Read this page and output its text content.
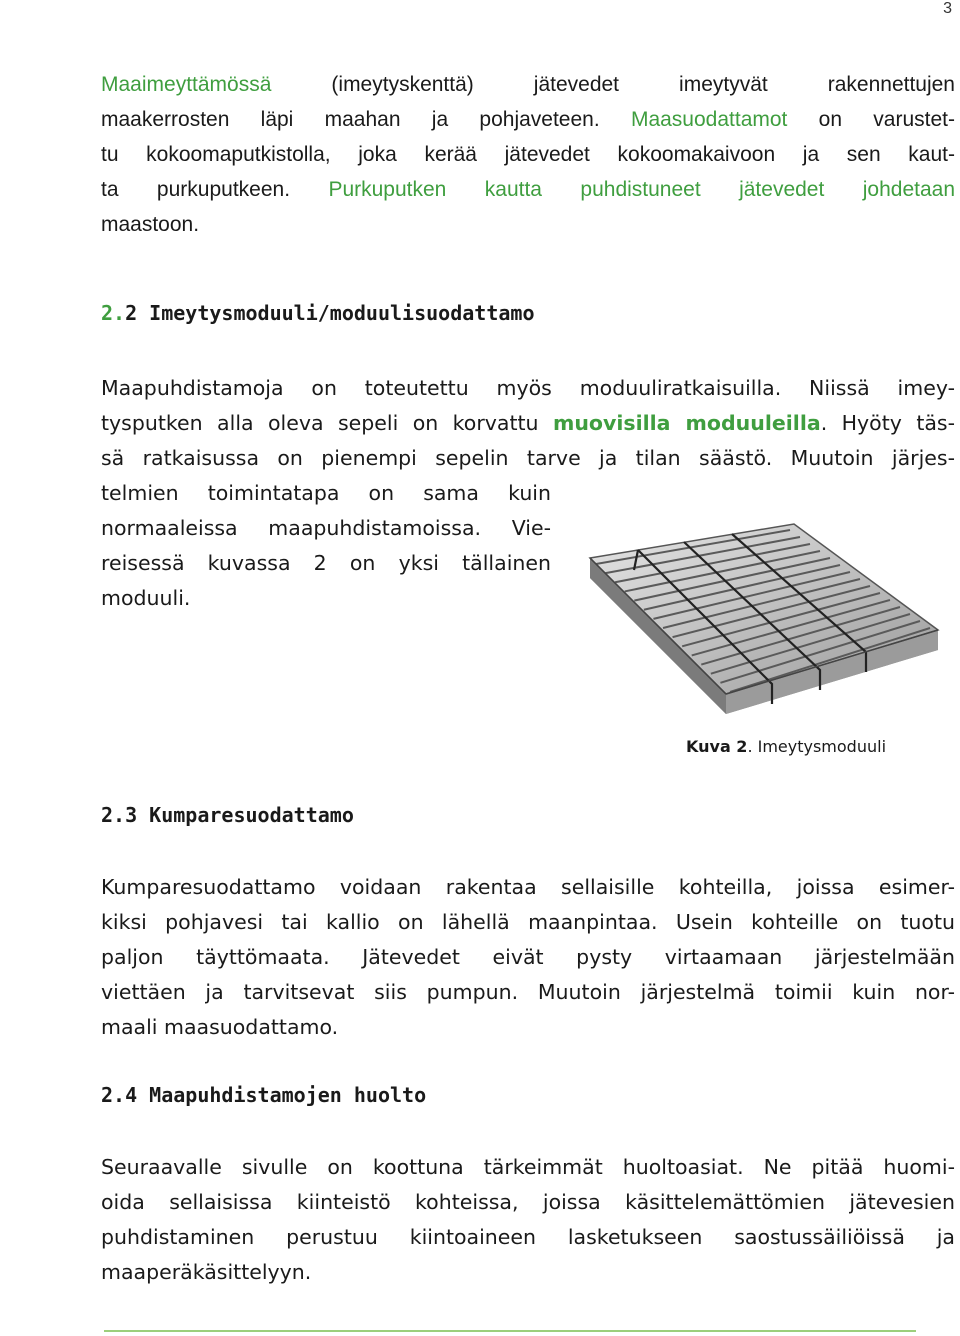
3
Maaimeyttämössä (imeytyskenttä) jätevedet imeytyvät rakennettujen
maakerrosten läpi maahan ja pohjaveteen. Maasuodattamot on varustet-
tu kokoomaputkistolla, joka kerää jätevedet kokoomakaivoon ja sen kaut-
ta purkuputkeen. Purkuputken kautta puhdistuneet jätevedet johdetaan
maastoon.
2.2 Imeytysmoduuli/moduulisuodattamo
Maapuhdistamoja on toteutettu myös moduuliratkaisuilla. Niissä imey-
tysputken alla oleva sepeli on korvattu muovisilla moduuleilla. Hyöty täs-
sä ratkaisussa on pienempi sepelin tarve ja tilan säästö. Muutoin järjes-
telmien toimintatapa on sama kuin
normaaleissa maapuhdistamoissa. Vie-
reisessä kuvassa 2 on yksi tällainen
moduuli.
Kuva 2. Imeytysmoduuli
2.3 Kumparesuodattamo
Kumparesuodattamo voidaan rakentaa sellaisille kohteilla, joissa esimer-
kiksi pohjavesi tai kallio on lähellä maanpintaa. Usein kohteille on tuotu
paljon täyttömaata. Jätevedet eivät pysty virtaamaan järjestelmään
viettäen ja tarvitsevat siis pumpun. Muutoin järjestelmä toimii kuin nor-
maali maasuodattamo.
2.4 Maapuhdistamojen huolto
Seuraavalle sivulle on koottuna tärkeimmät huoltoasiat. Ne pitää huomi-
oida sellaisissa kiinteistö kohteissa, joissa käsittelemättömien jätevesien
puhdistaminen perustuu kiintoaineen lasketukseen saostussäiliöissä ja
maaperäkäsittelyyn.
